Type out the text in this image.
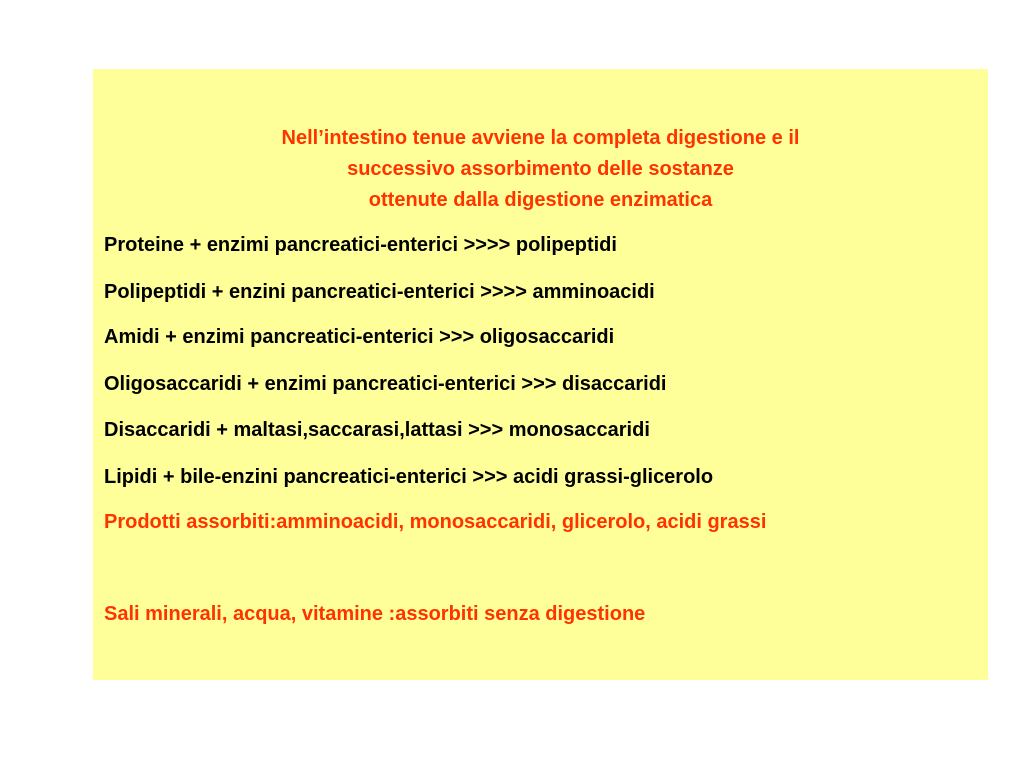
Nell’intestino tenue avviene la completa digestione e il
successivo assorbimento delle sostanze
ottenute dalla digestione enzimatica
Proteine + enzimi pancreatici-enterici >>>> polipeptidi
Polipeptidi + enzini pancreatici-enterici >>>> amminoacidi
Amidi + enzimi pancreatici-enterici >>> oligosaccaridi
Oligosaccaridi + enzimi pancreatici-enterici >>> disaccaridi
Disaccaridi + maltasi,saccarasi,lattasi >>> monosaccaridi
Lipidi + bile-enzini pancreatici-enterici >>> acidi grassi-glicerolo
Prodotti assorbiti:amminoacidi, monosaccaridi, glicerolo, acidi grassi
Sali minerali, acqua, vitamine :assorbiti senza digestione
